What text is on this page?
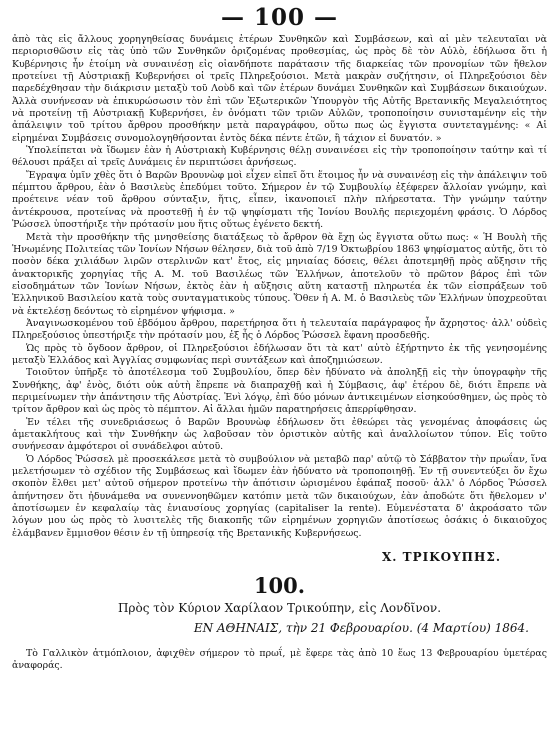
— 100 —

ἀπὸ τὰς εἰς ἄλλους χορηγηθείσας δυνάμεις ἑτέρων Συνθηκῶν καὶ Συμβάσεων, καὶ αἱ μὲν τελευταῖαι νὰ περιορισθῶσιν εἰς τὰς ὑπὸ τῶν Συνθηκῶν ὁριζομένας προθεσμίας, ὡς πρὸς δὲ τὸν Αὐλὸ, ἐδήλωσα ὅτι ἡ Κυβέρνησις ἦν ἑτοίμη νὰ συναινέσῃ εἰς οἱανδήποτε παράτασιν τῆς διαρκείας τῶν προνομίων τῶν ἤθελον προτείνει τῇ Αὐστριακῇ Κυβερνήσει οἱ τρεῖς Πληρεξούσιοι. Μετὰ μακρὰν συζήτησιν, οἱ Πληρεξούσιοι δὲν παρεδέχθησαν τὴν διάκρισιν μεταξὺ τοῦ Λοὺδ καὶ τῶν ἑτέρων δυνάμει Συνθηκῶν καὶ Συμβάσεων δικαιούχων. Ἀλλὰ συνήνεσαν νὰ ἐπικυρώσωσιν τὸν ἐπὶ τῶν Ἐξωτερικῶν Ὑπουργὸν τῆς Αὐτῆς Βρετανικῆς Μεγαλειότητος νὰ προτείνῃ τῇ Αὐστριακῇ Κυβερνήσει, ἐν ὀνόματι τῶν τριῶν Αὐλῶν, τροποποίησιν συνισταμένην εἰς τὴν ἀπάλειψιν τοῦ τρίτου ἄρθρου προσθήκην μετὰ παραγράφου, οὕτω πως ὡς ἔγγιστα συντεταγμένης: « Αἱ εἰρημέναι Συμβάσεις συνομολογηθήσονται ἐντὸς δέκα πέντε ἐτῶν, ἢ τάχιον εἰ δυνατόν. »

Ὑπολείπεται νὰ ἴδωμεν ἐὰν ἡ Αὐστριακὴ Κυβέρνησις θέλῃ συναινέσει εἰς τὴν τροποποίησιν ταύτην καὶ τί θέλουσι πράξει αἱ τρεῖς Δυνάμεις ἐν περιπτώσει ἀρνήσεως.

Ἔγραψα ὑμῖν χθὲς ὅτι ὁ Βαρῶν Βρουνὼφ μοὶ εἶχεν εἰπεῖ ὅτι ἕτοιμος ἦν νὰ συναινέσῃ εἰς τὴν ἀπάλειψιν τοῦ πέμπτου ἄρθρου, ἐὰν ὁ Βασιλεὺς ἐπεδύμει τοῦτο. Σήμερον ἐν τῷ Συμβουλίῳ ἐξέφερεν ἄλλοίαν γνώμην, καὶ προέτεινε νέαν τοῦ ἄρθρου σύνταξιν, ἥτις, εἶπεν, ἱκανοποιεῖ πλὴν πλήρεστατα. Τὴν γνώμην ταύτην ἀντέκρουσα, προτείνας νὰ προστεθῇ ἡ ἐν τῷ ψηφίσματι τῆς Ἰονίου Βουλῆς περιεχομένη φράσις. Ὁ Λόρδος Ῥώσσελ ὑποστήριξε τὴν πρότασίν μου ἥτις οὕτως ἐγένετο δεκτή.

Μετὰ τὴν προσθήκην τῆς μνησθείσης διατάξεως τὸ ἄρθρον θὰ ἔχῃ ὡς ἔγγιστα οὕτω πως: « Ἡ Βουλὴ τῆς Ἡνωμένης Πολιτείας τῶν Ἰονίων Νήσων θέλησεν, διὰ τοῦ ἀπὸ 7/19 Ὀκτωβρίου 1863 ψηφίσματος αὐτῆς, ὅτι τὸ ποσὸν δέκα χιλιάδων λιρῶν στερλινῶν κατ' ἔτος, εἰς μηνιαίας δόσεις, θέλει ἀποτεμηθῇ πρὸς αὔξησιν τῆς ἀνακτορικῆς χορηγίας τῆς Α. Μ. τοῦ Βασιλέως τῶν Ἑλλήνων, ἀποτελοῦν τὸ πρῶτον βάρος ἐπὶ τῶν εἰσοδημάτων τῶν Ἰονίων Νήσων, ἐκτὸς ἐὰν ἡ αὔξησις αὕτη καταστῇ πληρωτέα ἐκ τῶν εἰσπράξεων τοῦ Ἑλληνικοῦ Βασιλείου κατὰ τοὺς συνταγματικοὺς τύπους. Ὅθεν ἡ Α. Μ. ὁ Βασιλεὺς τῶν Ἑλλήνων ὑποχρεοῦται νὰ ἐκτελέσῃ δεόντως τὸ εἰρημένον ψήφισμα. »

Ἀναγινωσκομένου τοῦ ἑβδόμου ἄρθρου, παρετήρησα ὅτι ἡ τελευταία παράγραφος ἦν ἄχρηστος· ἀλλ' οὐδεὶς Πληρεξούσιος ὑπεστήριξε τὴν πρότασίν μου, ἐξ ἧς ὁ Λόρδος Ῥώσσελ ἔφανη προσδεθῆς.

Ὡς πρὸς τὸ ὄγδοον ἄρθρον, οἱ Πληρεξούσιοι ἐδήλωσαν ὅτι τὰ κατ' αὐτὸ ἐξήρτηντο ἐκ τῆς γενησομένης μεταξὺ Ἑλλάδος καὶ Ἀγγλίας συμφωνίας περὶ συντάξεων καὶ ἀποζημιώσεων.

Τοιοῦτον ὑπῆρξε τὸ ἀποτέλεσμα τοῦ Συμβουλίου, ὅπερ δὲν ἠδύνατο νὰ ἀποληξῇ εἰς τὴν ὑπογραφὴν τῆς Συνθήκης, ἀφ' ἑνὸς, διότι οὐκ αὐτὴ ἔπρεπε νὰ διαπραχθῇ καὶ ἡ Σύμβασις, ἀφ' ἑτέρου δὲ, διότι ἔπρεπε νὰ περιμείνωμεν τὴν ἀπάντησιν τῆς Αὐστρίας. Ἐνὶ λόγῳ, ἐπὶ δύο μόνων ἀντικειμένων εἰσηκούσθημεν, ὡς πρὸς τὸ τρίτον ἄρθρον καὶ ὡς πρὸς τὸ πέμπτον. Αἱ ἄλλαι ἡμῶν παρατηρήσεις ἀπερρίφθησαν.

Ἐν τέλει τῆς συνεδριάσεως ὁ Βαρῶν Βρουνὼφ ἐδήλωσεν ὅτι ἐθεώρει τὰς γενομένας ἀποφάσεις ὡς ἀμετακλήτους καὶ τὴν Συνθήκην ὡς λαβοῦσαν τὸν ὁριστικὸν αὐτῆς καὶ ἀναλλοίωτον τύπον. Εἰς τοῦτο συνήνεσαν ἀμφότεροι οἱ συνάδελφοι αὐτοῦ.

Ὁ Λόρδος Ῥώσσελ μὲ προσεκάλεσε μετὰ τὸ συμβούλιον νὰ μεταβῶ παρ' αὐτῷ τὸ Σάββατον τὴν πρωΐαν, ἵνα μελετήσωμεν τὸ σχέδιον τῆς Συμβάσεως καὶ ἴδωμεν ἐὰν ἠδύνατο νὰ τροποποιηθῇ. Ἐν τῇ συνεντεύξει ὅν ἔχω σκοπὸν ἔλθει μετ' αὐτοῦ σήμερον προτείνω τὴν ἀπότισιν ὡρισμένου ἐφάπαξ ποσοῦ· ἀλλ' ὁ Λόρδος Ῥώσσελ ἀπήντησεν ὅτι ἠδυνάμεθα να συνεννοηθῶμεν κατόπιν μετὰ τῶν δικαιούχων, ἐὰν ἀποδώτε ὅτι ἤθελομεν ν' ἀποτίσωμεν ἐν κεφαλαίῳ τὰς ἐνιαυσίους χορηγίας (capitaliser la rente). Εὐμενέστατα δ' ἀκροάσατο τῶν λόγων μου ὡς πρὸς τὸ λυσιτελὲς τῆς διακοπῆς τῶν εἰρημένων χορηγιῶν ἀποτίσεως ὁσάκις ὁ δικαιοῦχος ἐλάμβανεν ἔμμισθον θέσιν ἐν τῇ ὑπηρεσίᾳ τῆς Βρετανικῆς Κυβερνήσεως.

Χ. ΤΡΙΚΟΥΠΗΣ.
100.
Πρὸς τὸν Κύριον Χαρίλαον Τρικούπην, εἰς Λονδῖνον.
ΕΝ ΑΘΗΝΑΙΣ, τὴν 21 Φεβρουαρίου. (4 Μαρτίου) 1864.

Τὸ Γαλλικὸν ἀτμόπλοιον, ἀφιχθὲν σήμερον τὸ πρωΐ, μὲ ἔφερε τὰς ἀπὸ 10 ἕως 13 Φεβρουαρίου ὑμετέρας ἀναφοράς.
